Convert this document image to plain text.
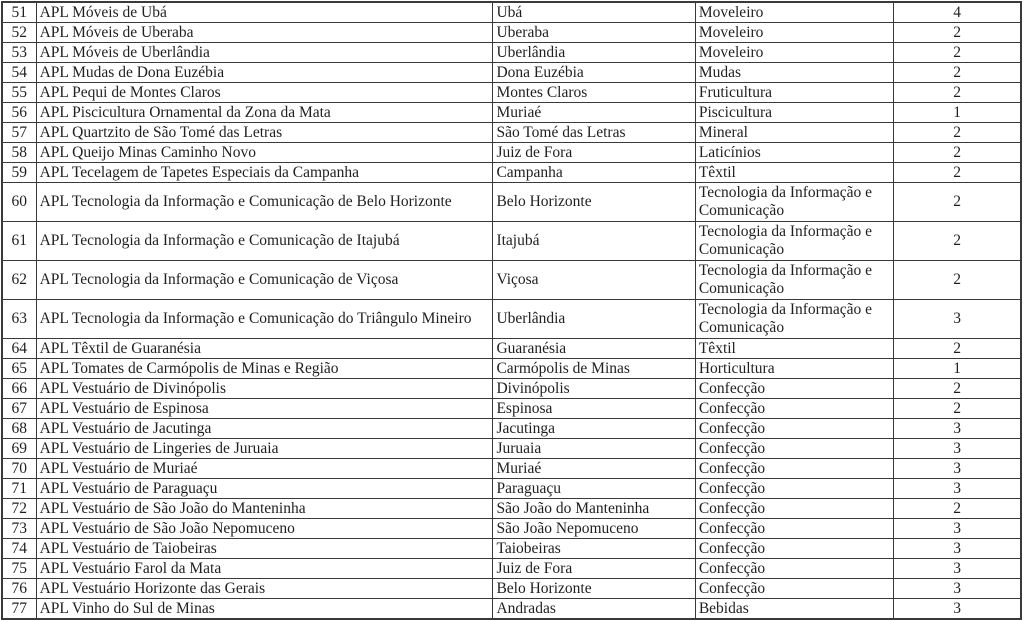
51	APL Móveis de Ubá	Ubá	Moveleiro	4
52	APL Móveis de Uberaba	Uberaba	Moveleiro	2
53	APL Móveis de Uberlândia	Uberlândia	Moveleiro	2
54	APL Mudas de Dona Euzébia	Dona Euzébia	Mudas	2
55	APL Pequi de Montes Claros	Montes Claros	Fruticultura	2
56	APL Piscicultura Ornamental da Zona da Mata	Muriaé	Piscicultura	1
57	APL Quartzito de São Tomé das Letras	São Tomé das Letras	Mineral	2
58	APL Queijo Minas Caminho Novo	Juiz de Fora	Laticínios	2
59	APL Tecelagem de Tapetes Especiais da Campanha	Campanha	Têxtil	2
60	APL Tecnologia da Informação e Comunicação de Belo Horizonte	Belo Horizonte	Tecnologia da Informação e Comunicação	2
61	APL Tecnologia da Informação e Comunicação de Itajubá	Itajubá	Tecnologia da Informação e Comunicação	2
62	APL Tecnologia da Informação e Comunicação de Viçosa	Viçosa	Tecnologia da Informação e Comunicação	2
63	APL Tecnologia da Informação e Comunicação do Triângulo Mineiro	Uberlândia	Tecnologia da Informação e Comunicação	3
64	APL Têxtil de Guaranésia	Guaranésia	Têxtil	2
65	APL Tomates de Carmópolis de Minas e Região	Carmópolis de Minas	Horticultura	1
66	APL Vestuário de Divinópolis	Divinópolis	Confecção	2
67	APL Vestuário de Espinosa	Espinosa	Confecção	2
68	APL Vestuário de Jacutinga	Jacutinga	Confecção	3
69	APL Vestuário de Lingeries de Juruaia	Juruaia	Confecção	3
70	APL Vestuário de Muriaé	Muriaé	Confecção	3
71	APL Vestuário de Paraguaçu	Paraguaçu	Confecção	3
72	APL Vestuário de São João do Manteninha	São João do Manteninha	Confecção	2
73	APL Vestuário de São João Nepomuceno	São João Nepomuceno	Confecção	3
74	APL Vestuário de Taiobeiras	Taiobeiras	Confecção	3
75	APL Vestuário Farol da Mata	Juiz de Fora	Confecção	3
76	APL Vestuário Horizonte das Gerais	Belo Horizonte	Confecção	3
77	APL Vinho do Sul de Minas	Andradas	Bebidas	3
